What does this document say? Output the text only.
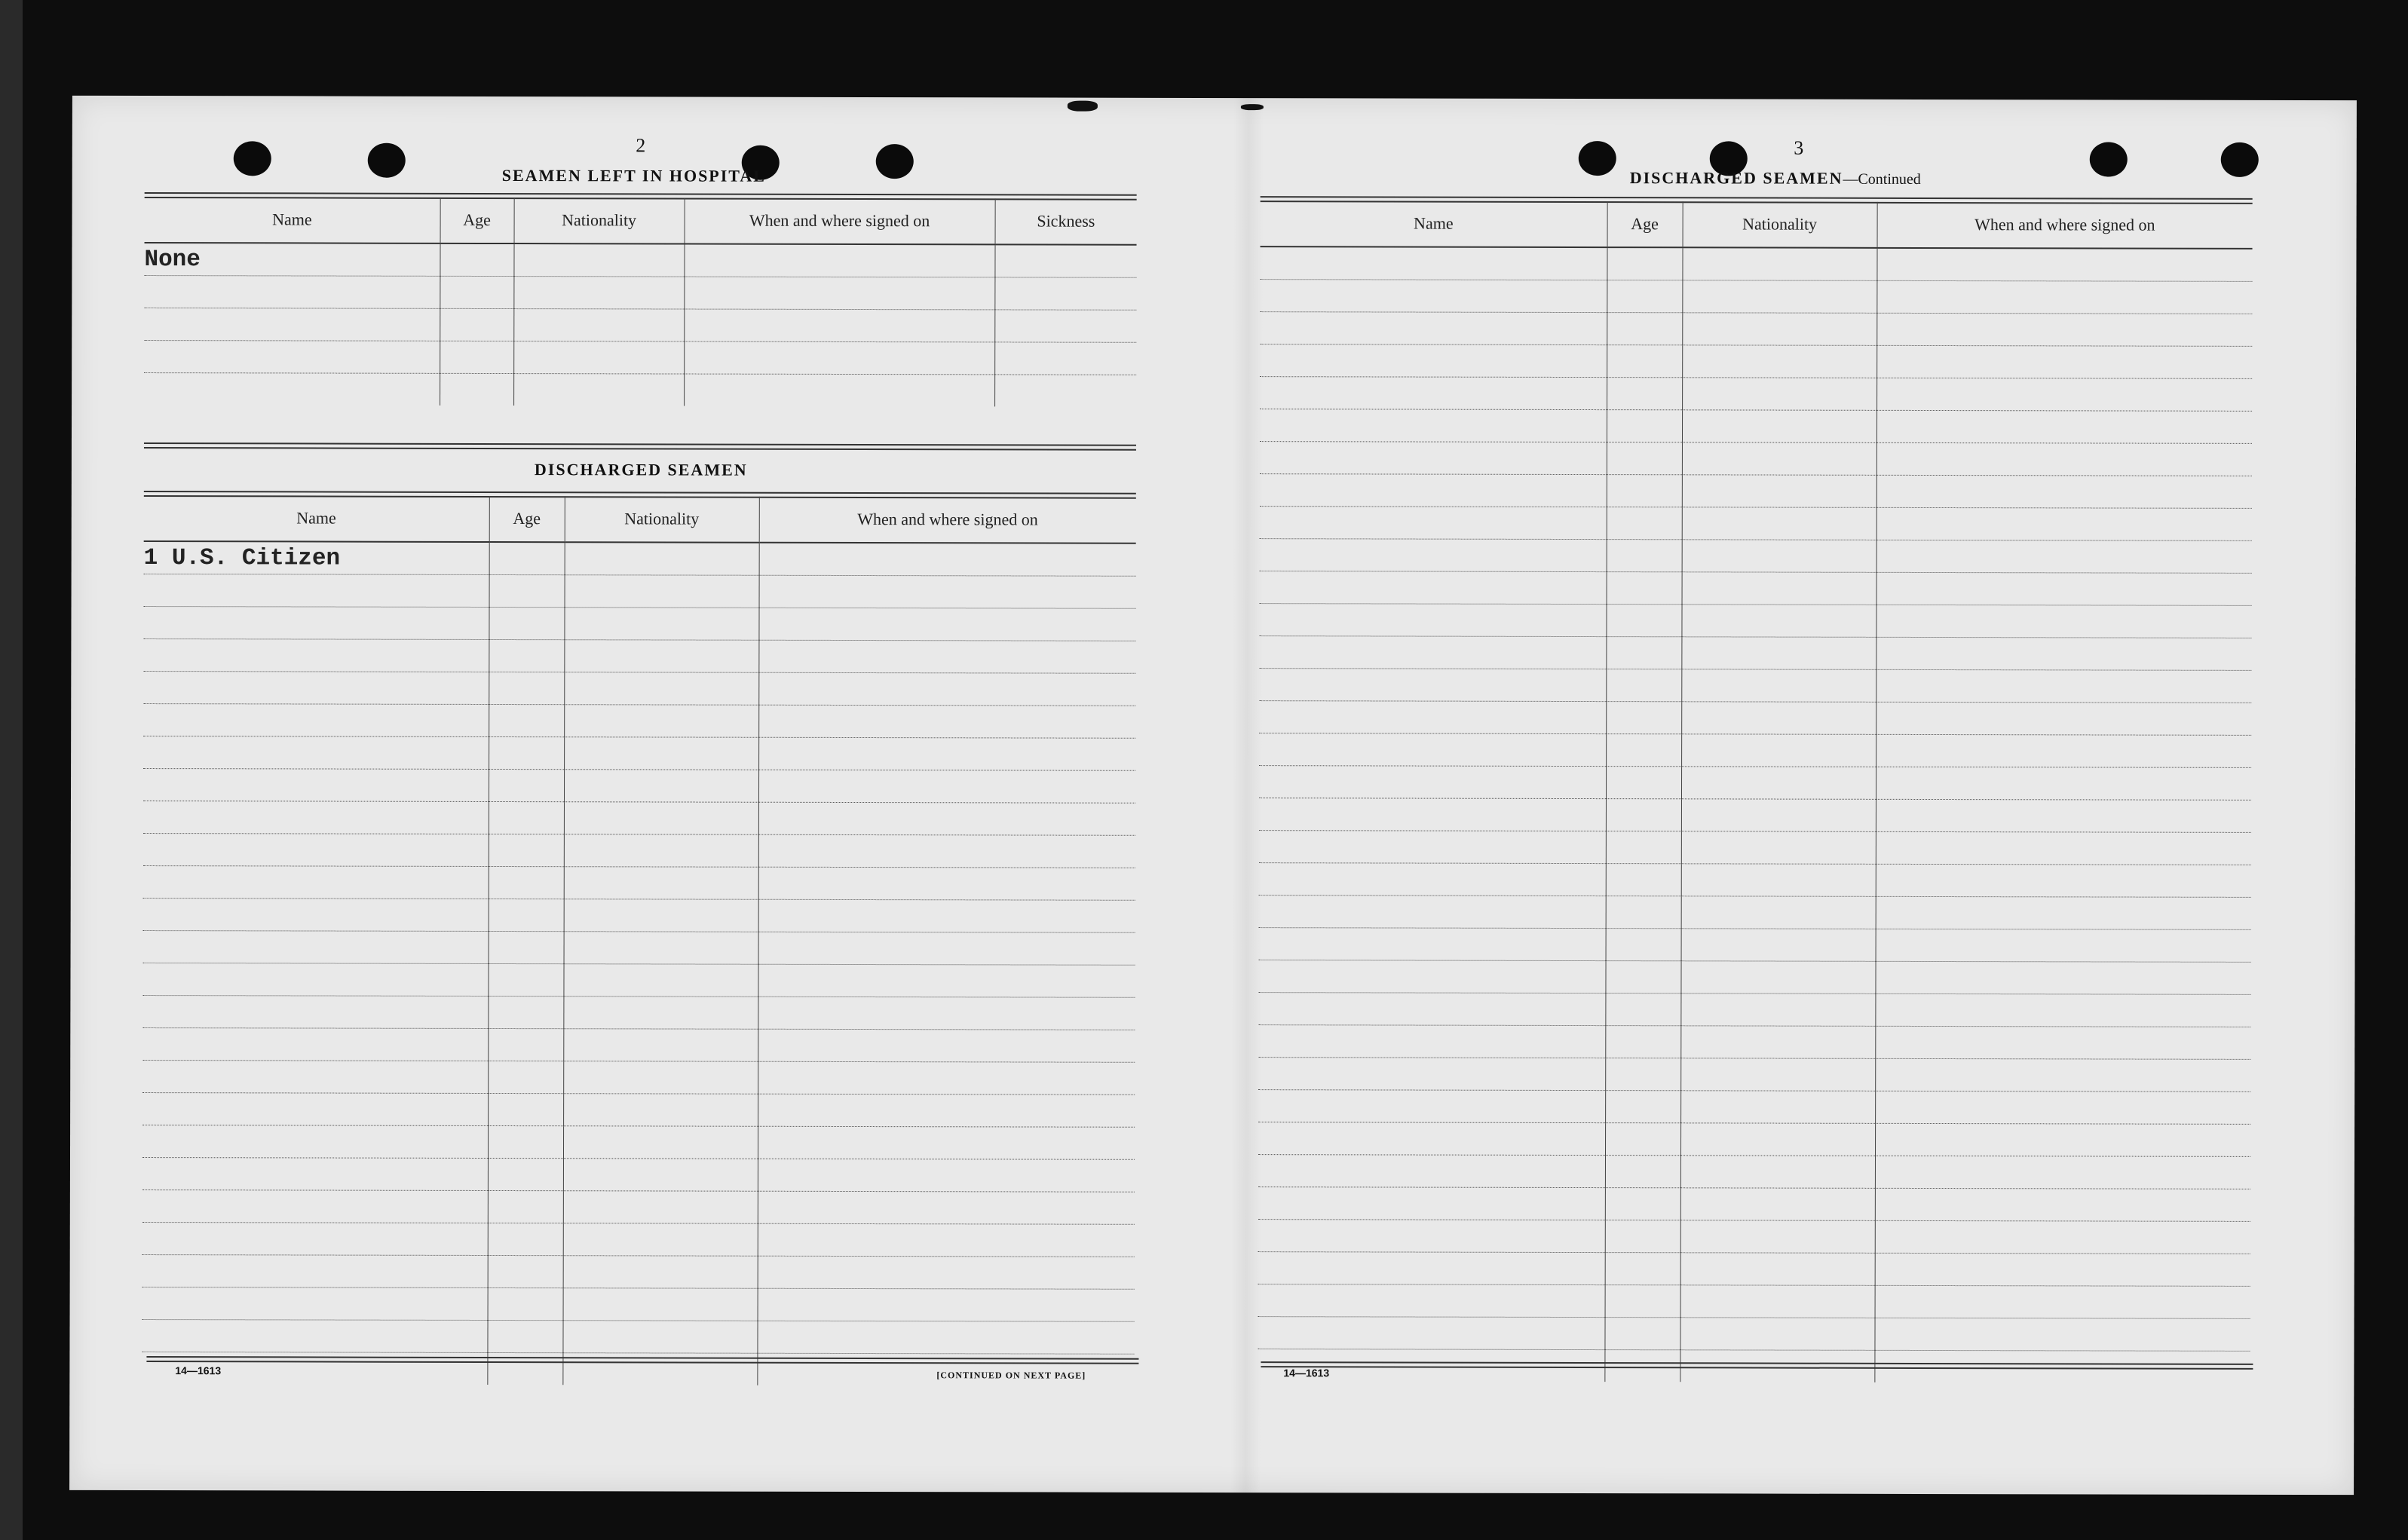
2
SEAMEN LEFT IN HOSPITAL
Name	Age	Nationality	When and where signed on	Sickness
None				

DISCHARGED SEAMEN
Name	Age	Nationality	When and where signed on
1 U.S. Citizen			

14—1613	[CONTINUED ON NEXT PAGE]
3
DISCHARGED SEAMEN—Continued
Name	Age	Nationality	When and where signed on

14—1613
